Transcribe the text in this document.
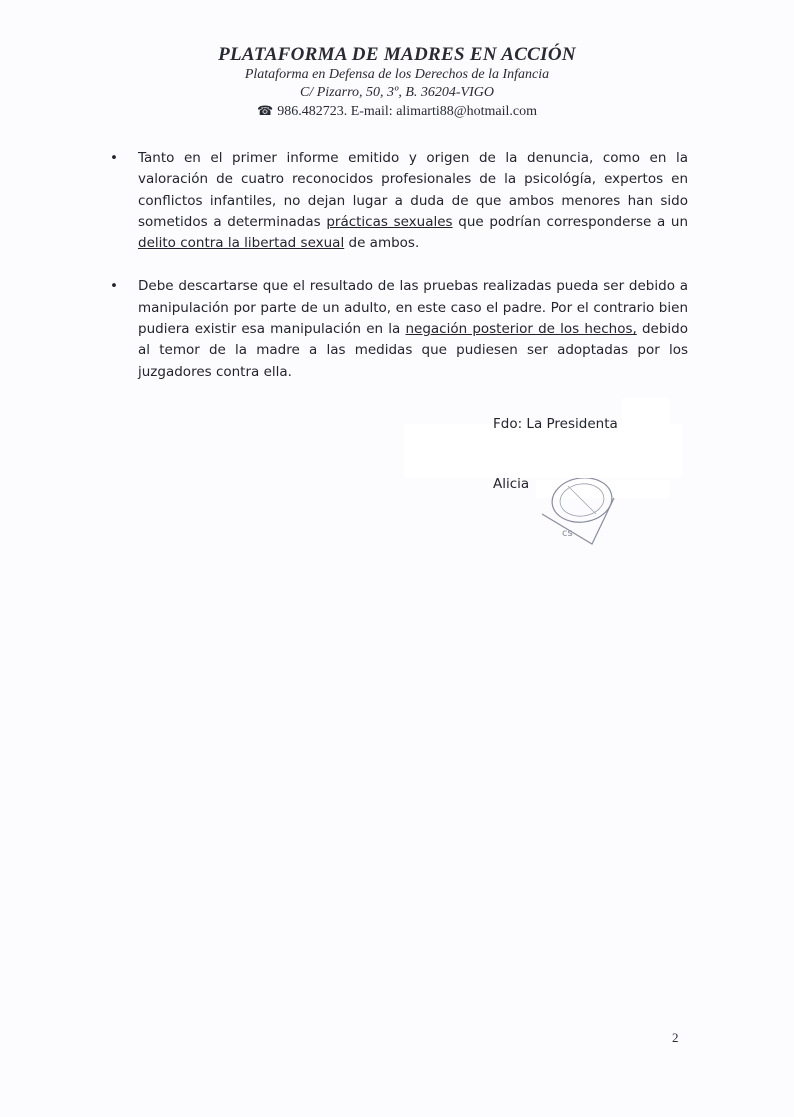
PLATAFORMA DE MADRES EN ACCIÓN
Plataforma en Defensa de los Derechos de la Infancia
C/ Pizarro, 50, 3º, B. 36204-VIGO
☎ 986.482723. E-mail: alimarti88@hotmail.com
• Tanto en el primer informe emitido y origen de la denuncia, como en la valoración de cuatro reconocidos profesionales de la psicológía, expertos en conflictos infantiles, no dejan lugar a duda de que ambos menores han sido sometidos a determinadas prácticas sexuales que podrían corresponderse a un delito contra la libertad sexual de ambos.
• Debe descartarse que el resultado de las pruebas realizadas pueda ser debido a manipulación por parte de un adulto, en este caso el padre. Por el contrario bien pudiera existir esa manipulación en la negación posterior de los hechos, debido al temor de la madre a las medidas que pudiesen ser adoptadas por los juzgadores contra ella.
cs
Fdo: La Presidenta
Alicia
2
